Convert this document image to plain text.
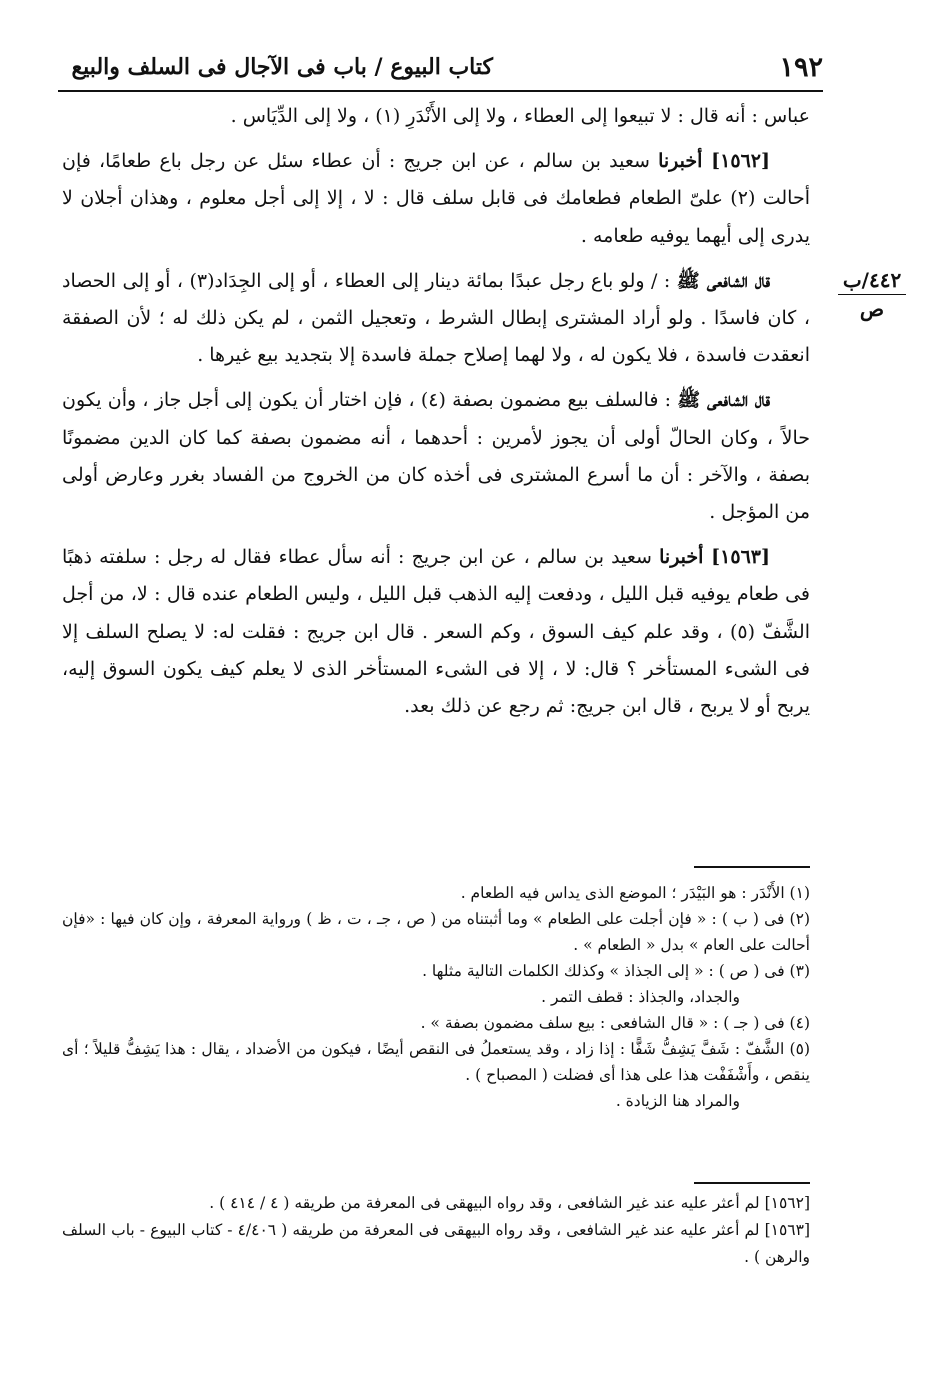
١٩٢
كتاب البيوع / باب فى الآجال فى السلف والبيع
٤٤٢/ب
ص

عباس : أنه قال : لا تبيعوا إلى العطاء ، ولا إلى الأَنْدَرِ (١) ، ولا إلى الدِّيَاس .

[١٥٦٢] أخبرنا سعيد بن سالم ، عن ابن جريج : أن عطاء سئل عن رجل باع طعامًا، فإن أحالت (٢) علىّ الطعام فطعامك فى قابل سلف قال : لا ، إلا إلى أجل معلوم ، وهذان أجلان لا يدرى إلى أيهما يوفيه طعامه .

قال الشافعى ﷺ : / ولو باع رجل عبدًا بمائة دينار إلى العطاء ، أو إلى الجِدَاد(٣) ، أو إلى الحصاد ، كان فاسدًا . ولو أراد المشترى إبطال الشرط ، وتعجيل الثمن ، لم يكن ذلك له ؛ لأن الصفقة انعقدت فاسدة ، فلا يكون له ، ولا لهما إصلاح جملة فاسدة إلا بتجديد بيع غيرها .

قال الشافعى ﷺ : فالسلف بيع مضمون بصفة (٤) ، فإن اختار أن يكون إلى أجل جاز ، وأن يكون حالاً ، وكان الحالّ أولى أن يجوز لأمرين : أحدهما ، أنه مضمون بصفة كما كان الدين مضمونًا بصفة ، والآخر : أن ما أسرع المشترى فى أخذه كان من الخروج من الفساد بغرر وعارض أولى من المؤجل .

[١٥٦٣] أخبرنا سعيد بن سالم ، عن ابن جريج : أنه سأل عطاء فقال له رجل : سلفته ذهبًا فى طعام يوفيه قبل الليل ، ودفعت إليه الذهب قبل الليل ، وليس الطعام عنده قال : لا، من أجل الشَّفّ (٥) ، وقد علم كيف السوق ، وكم السعر . قال ابن جريج : فقلت له: لا يصلح السلف إلا فى الشىء المستأخر ؟ قال: لا ، إلا فى الشىء المستأخر الذى لا يعلم كيف يكون السوق إليه، يربح أو لا يربح ، قال ابن جريج: ثم رجع عن ذلك بعد.

(١) الأَنْدَر : هو البَيْدَر ؛ الموضع الذى يداس فيه الطعام .

(٢) فى ( ب ) : « فإن أجلت على الطعام » وما أثبتناه من ( ص ، جـ ، ت ، ظ ) ورواية المعرفة ، وإن كان فيها : «فإن أحالت على العام » بدل « الطعام » .

(٣) فى ( ص ) : « إلى الجذاذ » وكذلك الكلمات التالية مثلها .

والجداد، والجذاذ : قطف التمر .

(٤) فى ( جـ ) : « قال الشافعى : بيع سلف مضمون بصفة » .

(٥) الشَّفّ : شَفَّ يَشِفُّ شَفًّا : إذا زاد ، وقد يستعملُ فى النقص أيضًا ، فيكون من الأضداد ، يقال : هذا يَشِفُّ قليلاً ؛ أى ينقص ، وأَشْفَفْت هذا على هذا أى فضلت ( المصباح ) .

والمراد هنا الزيادة .

[١٥٦٢] لم أعثر عليه عند غير الشافعى ، وقد رواه البيهقى فى المعرفة من طريقه ( ٤ / ٤١٤ ) .

[١٥٦٣] لم أعثر عليه عند غير الشافعى ، وقد رواه البيهقى فى المعرفة من طريقه ( ٤/٤٠٦ - كتاب البيوع - باب السلف والرهن ) .
